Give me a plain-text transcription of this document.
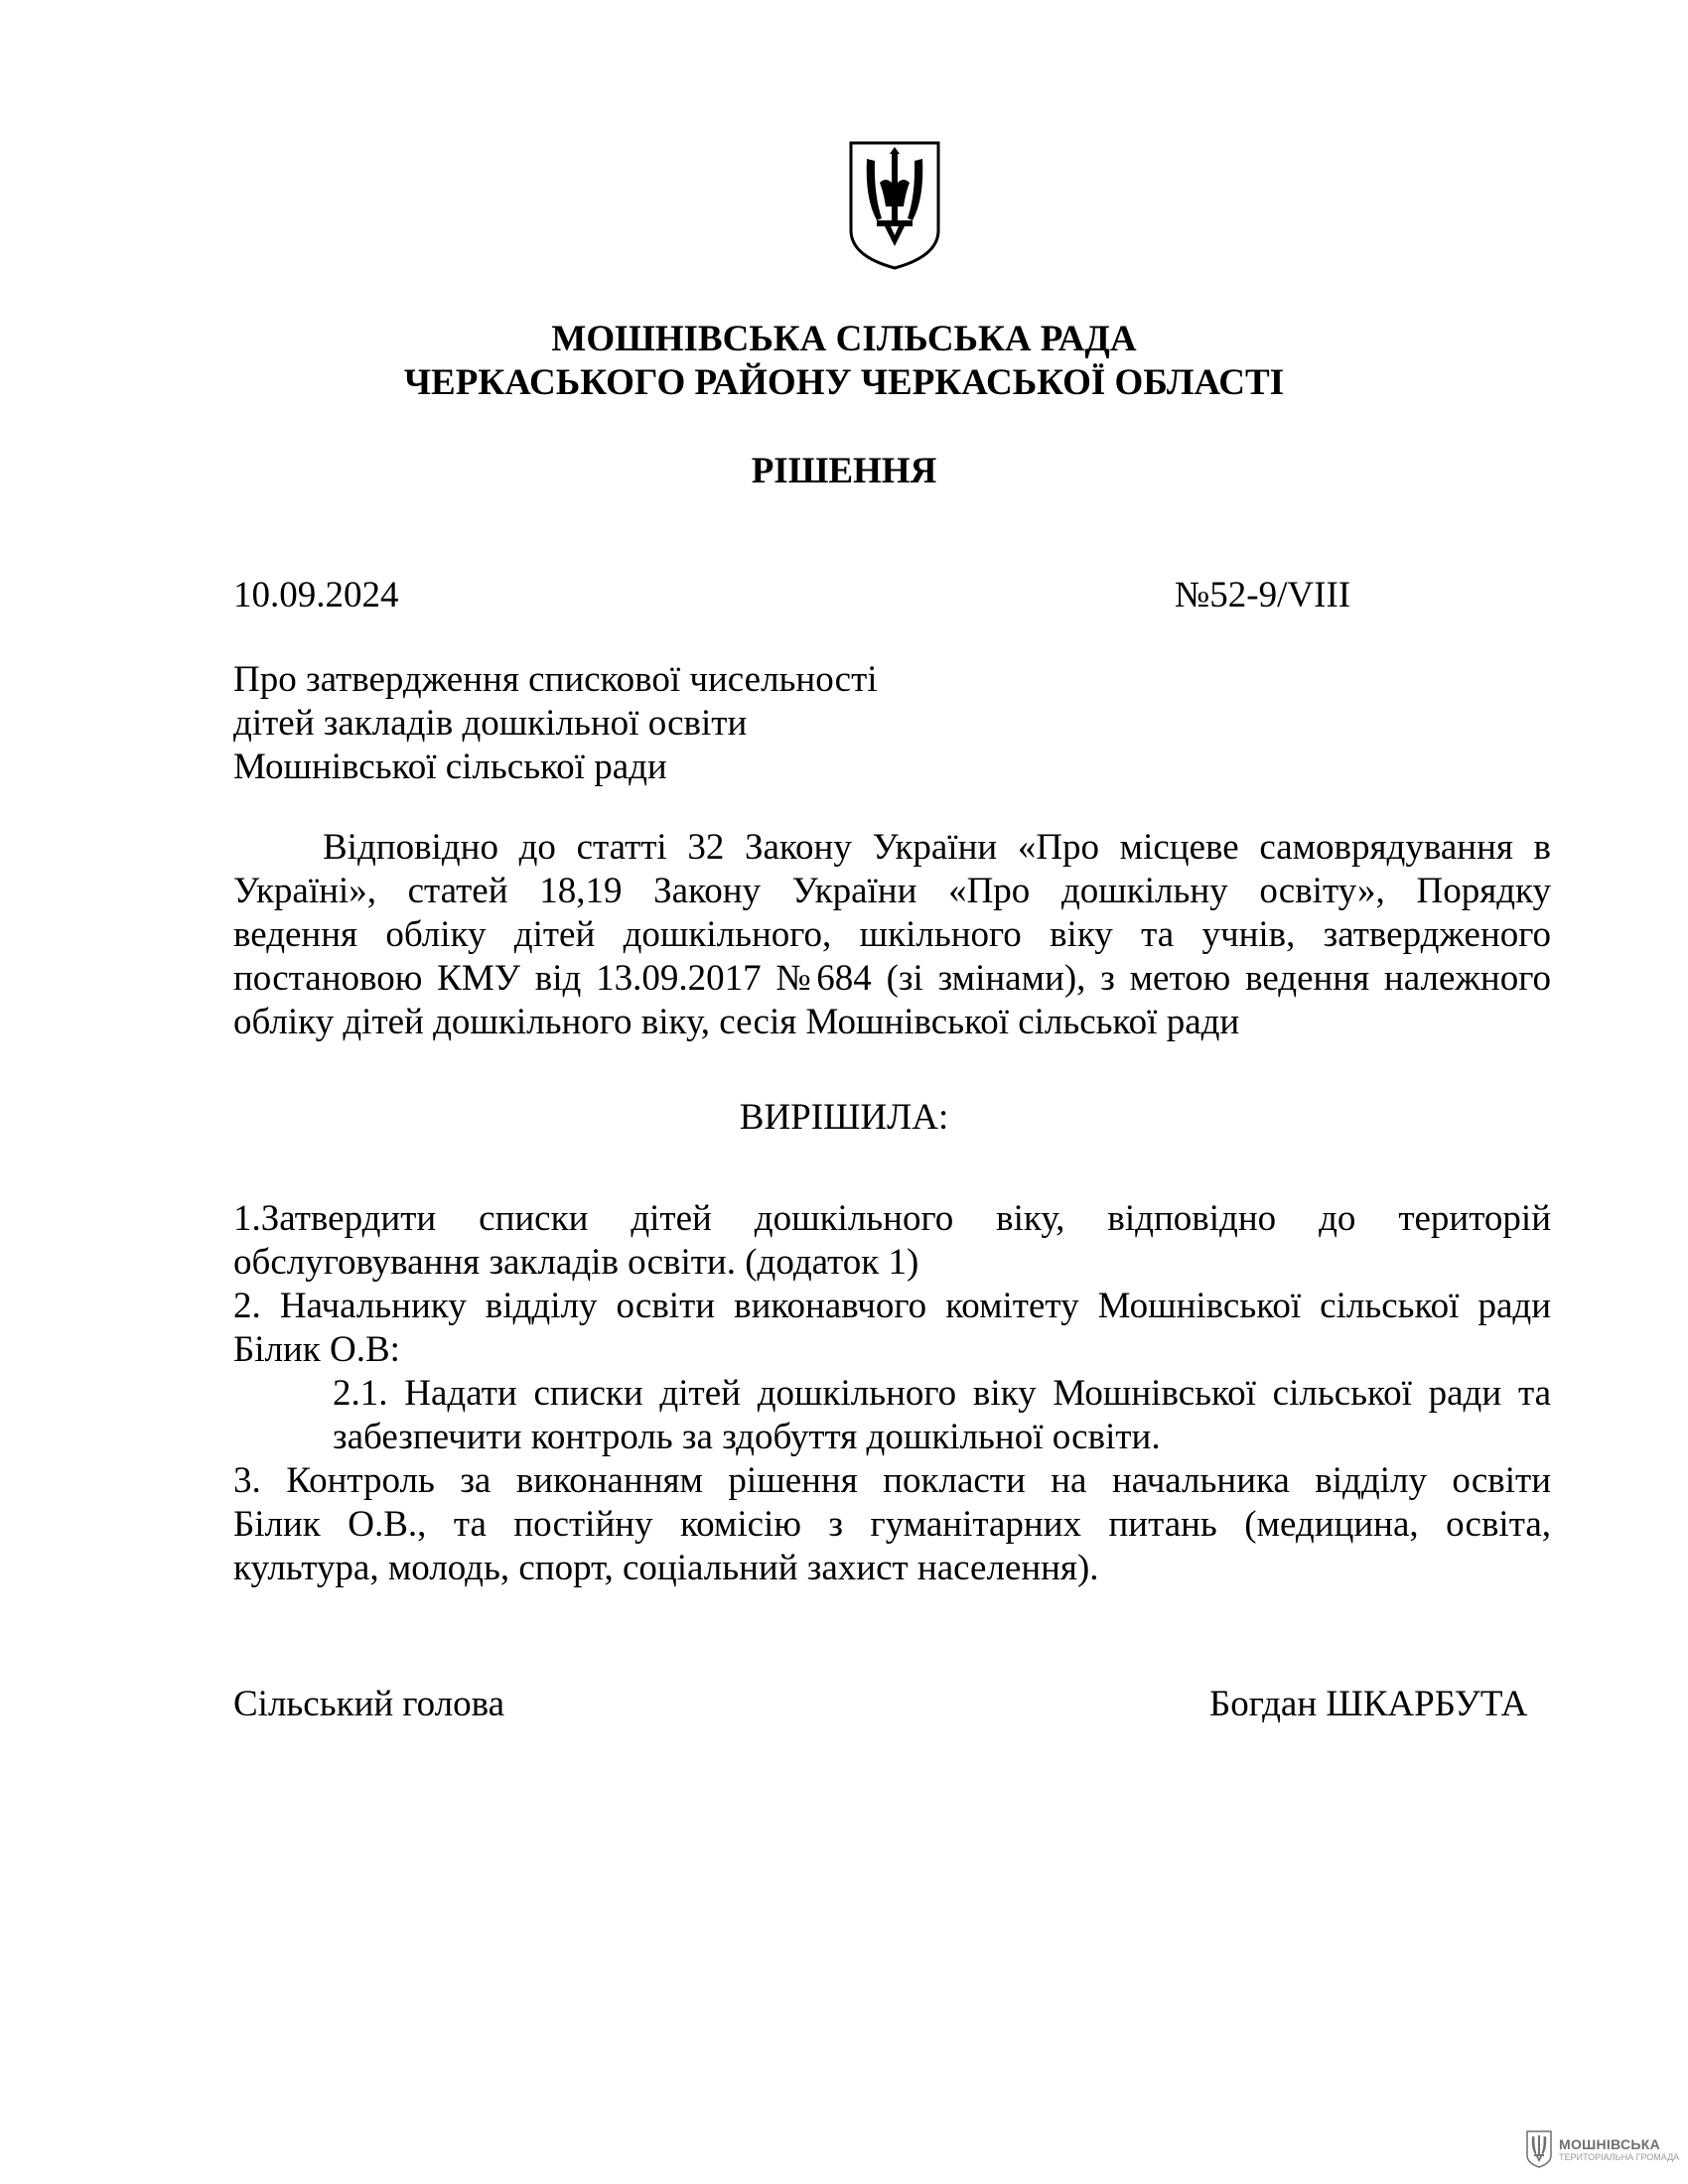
МОШНІВСЬКА СІЛЬСЬКА РАДА
ЧЕРКАСЬКОГО РАЙОНУ ЧЕРКАСЬКОЇ ОБЛАСТІ
РІШЕННЯ
10.09.2024	№52-9/VIII
Про затвердження спискової чисельності
дітей закладів дошкільної освіти
Мошнівської сільської ради
Відповідно до статті 32 Закону України «Про місцеве самоврядування в
Україні», статей 18,19 Закону України «Про дошкільну освіту», Порядку
ведення обліку дітей дошкільного, шкільного віку та учнів, затвердженого
постановою КМУ від 13.09.2017 №684 (зі змінами), з метою ведення належного
обліку дітей дошкільного віку, сесія Мошнівської сільської ради
ВИРІШИЛА:
1.Затвердити списки дітей дошкільного віку, відповідно до територій
обслуговування закладів освіти. (додаток 1)
2. Начальнику відділу освіти виконавчого комітету Мошнівської сільської ради
Білик О.В:
2.1. Надати списки дітей дошкільного віку Мошнівської сільської ради та
забезпечити контроль за здобуття дошкільної освіти.
3. Контроль за виконанням рішення покласти на начальника відділу освіти
Білик О.В., та постійну комісію з гуманітарних питань (медицина, освіта,
культура, молодь, спорт, соціальний захист населення).
Сільський голова	Богдан ШКАРБУТА
МОШНІВСЬКА
ТЕРИТОРІАЛЬНА ГРОМАДА
